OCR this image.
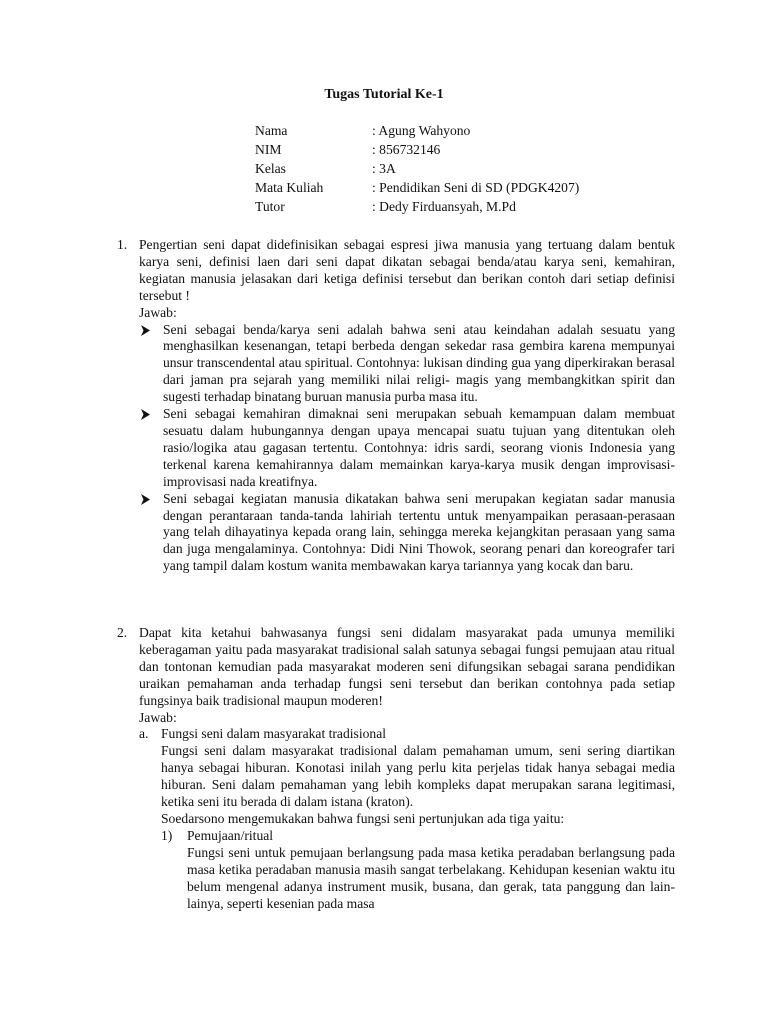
Tugas Tutorial Ke-1
Nama	: Agung Wahyono
NIM	: 856732146
Kelas	: 3A
Mata Kuliah	: Pendidikan Seni di SD (PDGK4207)
Tutor	: Dedy Firduansyah, M.Pd
1. Pengertian seni dapat didefinisikan sebagai espresi jiwa manusia yang tertuang dalam bentuk karya seni, definisi laen dari seni dapat dikatan sebagai benda/atau karya seni, kemahiran, kegiatan manusia jelasakan dari ketiga definisi tersebut dan berikan contoh dari setiap definisi tersebut !
Jawab:
Seni sebagai benda/karya seni adalah bahwa seni atau keindahan adalah sesuatu yang menghasilkan kesenangan, tetapi berbeda dengan sekedar rasa gembira karena mempunyai unsur transcendental atau spiritual. Contohnya: lukisan dinding gua yang diperkirakan berasal dari jaman pra sejarah yang memiliki nilai religi- magis yang membangkitkan spirit dan sugesti terhadap binatang buruan manusia purba masa itu.
Seni sebagai kemahiran dimaknai seni merupakan sebuah kemampuan dalam membuat sesuatu dalam hubungannya dengan upaya mencapai suatu tujuan yang ditentukan oleh rasio/logika atau gagasan tertentu. Contohnya: idris sardi, seorang vionis Indonesia yang terkenal karena kemahirannya dalam memainkan karya-karya musik dengan improvisasi-improvisasi nada kreatifnya.
Seni sebagai kegiatan manusia dikatakan bahwa seni merupakan kegiatan sadar manusia dengan perantaraan tanda-tanda lahiriah tertentu untuk menyampaikan perasaan-perasaan yang telah dihayatinya kepada orang lain, sehingga mereka kejangkitan perasaan yang sama dan juga mengalaminya. Contohnya: Didi Nini Thowok, seorang penari dan koreografer tari yang tampil dalam kostum wanita membawakan karya tariannya yang kocak dan baru.
2. Dapat kita ketahui bahwasanya fungsi seni didalam masyarakat pada umunya memiliki keberagaman yaitu pada masyarakat tradisional salah satunya sebagai fungsi pemujaan atau ritual dan tontonan kemudian pada masyarakat moderen seni difungsikan sebagai sarana pendidikan uraikan pemahaman anda terhadap fungsi seni tersebut dan berikan contohnya pada setiap fungsinya baik tradisional maupun moderen!
Jawab:
a. Fungsi seni dalam masyarakat tradisional
Fungsi seni dalam masyarakat tradisional dalam pemahaman umum, seni sering diartikan hanya sebagai hiburan. Konotasi inilah yang perlu kita perjelas tidak hanya sebagai media hiburan. Seni dalam pemahaman yang lebih kompleks dapat merupakan sarana legitimasi, ketika seni itu berada di dalam istana (kraton).
Soedarsono mengemukakan bahwa fungsi seni pertunjukan ada tiga yaitu:
1) Pemujaan/ritual
Fungsi seni untuk pemujaan berlangsung pada masa ketika peradaban berlangsung pada masa ketika peradaban manusia masih sangat terbelakang. Kehidupan kesenian waktu itu belum mengenal adanya instrument musik, busana, dan gerak, tata panggung dan lain-lainya, seperti kesenian pada masa
